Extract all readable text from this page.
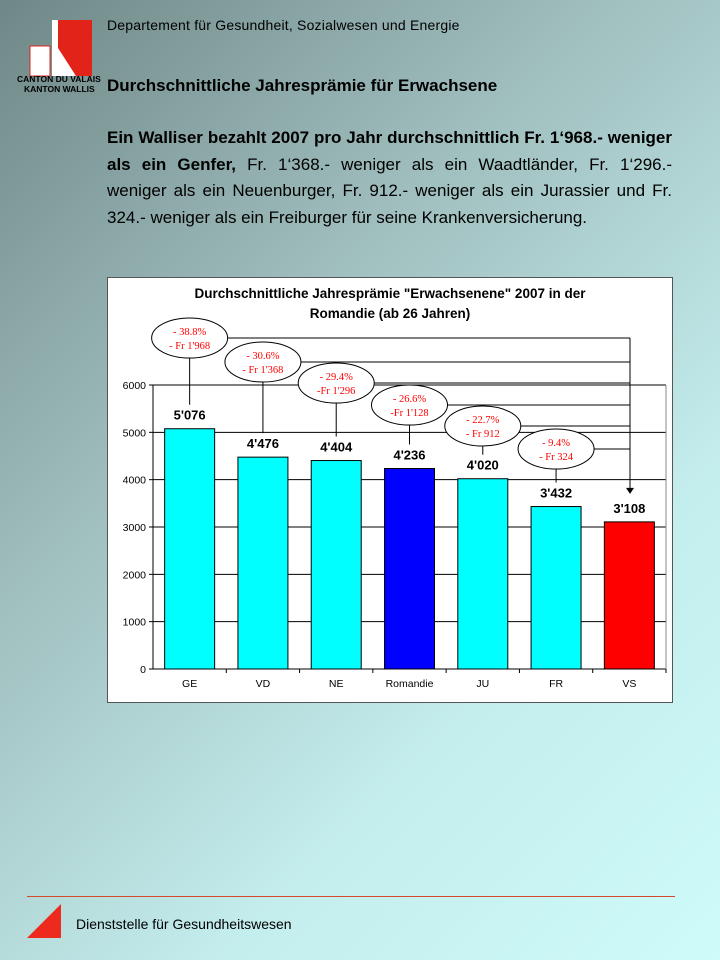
Departement für Gesundheit, Sozialwesen und Energie
CANTON DU VALAIS
KANTON WALLIS Durchschnittliche Jahresprämie für Erwachsene
Ein Walliser bezahlt 2007 pro Jahr durchschnittlich Fr. 1‘968.- weniger als ein Genfer, Fr. 1‘368.- weniger als ein Waadtländer, Fr. 1‘296.- weniger als ein Neuenburger, Fr. 912.- weniger als ein Jurassier und Fr. 324.- weniger als ein Freiburger für seine Krankenversicherung.
Durchschnittliche Jahresprämie "Erwachsenene" 2007 in der
Romandie (ab 26 Jahren)
5'076
4'476	4'404
4'236
4'020
3'432
3'108
0
1000
2000
3000
4000
5000
6000
GE	VD	NE	Romandie	JU	FR	VS
- 38.8%
- Fr 1'968
- 30.6%
- Fr 1'368
- 29.4%
-Fr 1'296
- 26.6%
-Fr 1'128
- 22.7%
- Fr 912
- 9.4%
- Fr 324
Dienststelle für Gesundheitswesen
